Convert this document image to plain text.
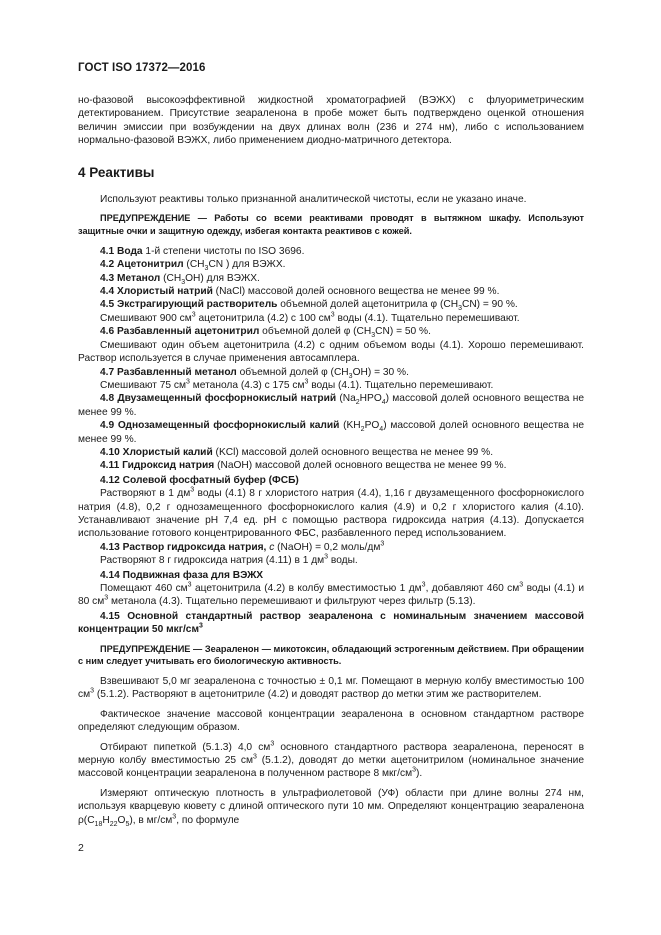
ГОСТ ISO 17372—2016

но-фазовой высокоэффективной жидкостной хроматографией (ВЭЖХ) с флуориметрическим детектированием. Присутствие зеараленона в пробе может быть подтверждено оценкой отношения величин эмиссии при возбуждении на двух длинах волн (236 и 274 нм), либо с использованием нормально-фазовой ВЭЖХ, либо применением диодно-матричного детектора.

4 Реактивы

Используют реактивы только признанной аналитической чистоты, если не указано иначе.

ПРЕДУПРЕЖДЕНИЕ — Работы со всеми реактивами проводят в вытяжном шкафу. Используют защитные очки и защитную одежду, избегая контакта реактивов с кожей.

4.1 Вода 1-й степени чистоты по ISO 3696.

4.2 Ацетонитрил ($CH_3CN$ ) для ВЭЖХ.

4.3 Метанол $(CH_3OH)$ для ВЭЖХ.

4.4 Хлористый натрий (NaCl) массовой долей основного вещества не менее 99 %.

4.5 Экстрагирующий растворитель объемной долей ацетонитрила φ $(CH_3CN) = 90$ %.

Смешивают 900 $см^3$ ацетонитрила (4.2) с 100 $см^3$ воды (4.1). Тщательно перемешивают.

4.6 Разбавленный ацетонитрил объемной долей φ $(CH_3CN) = 50$ %.

Смешивают один объем ацетонитрила (4.2) с одним объемом воды (4.1). Хорошо перемешивают. Раствор используется в случае применения автосамплера.

4.7 Разбавленный метанол объемной долей φ $(CH_3OH) = 30$ %.

Смешивают 75 $см^3$ метанола (4.3) с 175 $см^3$ воды (4.1). Тщательно перемешивают.

4.8 Двузамещенный фосфорнокислый натрий $(Na_2HPO_4)$ массовой долей основного вещества не менее 99 %.

4.9 Однозамещенный фосфорнокислый калий $(KH_2PO_4)$ массовой долей основного вещества не менее 99 %.

4.10 Хлористый калий (KCl) массовой долей основного вещества не менее 99 %.

4.11 Гидроксид натрия (NaOH) массовой долей основного вещества не менее 99 %.

4.12 Солевой фосфатный буфер (ФСБ)

Растворяют в 1 $дм^3$ воды (4.1) 8 г хлористого натрия (4.4), 1,16 г двузамещенного фосфорнокислого натрия (4.8), 0,2 г однозамещенного фосфорнокислого калия (4.9) и 0,2 г хлористого калия (4.10). Устанавливают значение pH 7,4 ед. pH с помощью раствора гидроксида натрия (4.13). Допускается использование готового концентрированного ФБС, разбавленного перед использованием.

4.13 Раствор гидроксида натрия, c (NaOH) = 0,2 моль/$дм^3$

Растворяют 8 г гидроксида натрия (4.11) в 1 $дм^3$ воды.

4.14 Подвижная фаза для ВЭЖХ

Помещают 460 $см^3$ ацетонитрила (4.2) в колбу вместимостью 1 $дм^3$, добавляют 460 $см^3$ воды (4.1) и 80 $см^3$ метанола (4.3). Тщательно перемешивают и фильтруют через фильтр (5.13).

4.15 Основной стандартный раствор зеараленона с номинальным значением массовой концентрации 50 мкг/$см^3$

ПРЕДУПРЕЖДЕНИЕ — Зеараленон — микотоксин, обладающий эстрогенным действием. При обращении с ним следует учитывать его биологическую активность.

Взвешивают 5,0 мг зеараленона с точностью ± 0,1 мг. Помещают в мерную колбу вместимостью 100 $см^3$ (5.1.2). Растворяют в ацетонитриле (4.2) и доводят раствор до метки этим же растворителем.

Фактическое значение массовой концентрации зеараленона в основном стандартном растворе определяют следующим образом.

Отбирают пипеткой (5.1.3) 4,0 $см^3$ основного стандартного раствора зеараленона, переносят в мерную колбу вместимостью 25 $см^3$ (5.1.2), доводят до метки ацетонитрилом (номинальное значение массовой концентрации зеараленона в полученном растворе 8 мкг/$см^3$).

Измеряют оптическую плотность в ультрафиолетовой (УФ) области при длине волны 274 нм, используя кварцевую кювету с длиной оптического пути 10 мм. Определяют концентрацию зеараленона $\rho(C_{18}H_{22}O_5)$, в $мг/см^3$, по формуле

2
